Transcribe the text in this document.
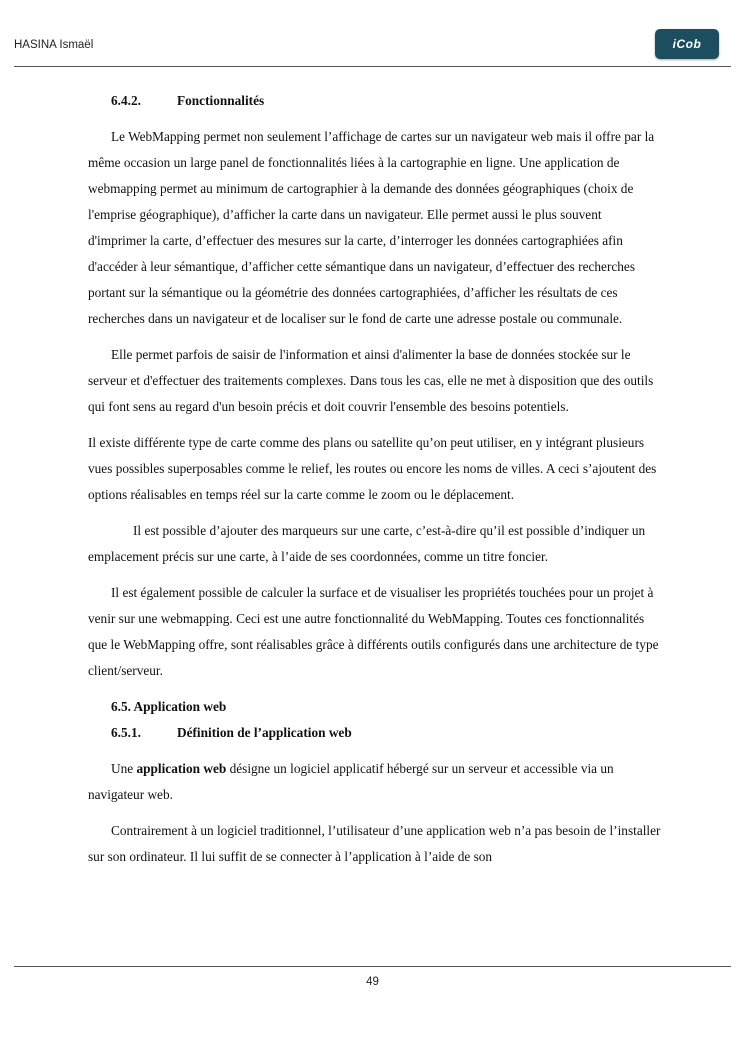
HASINA Ismaël	iCob

6.4.2.	Fonctionnalités

Le WebMapping permet non seulement l’affichage de cartes sur un navigateur web mais il offre par la même occasion un large panel de fonctionnalités liées à la cartographie en ligne. Une application de webmapping permet au minimum de cartographier à la demande des données géographiques (choix de l'emprise géographique), d’afficher la carte dans un navigateur. Elle permet aussi le plus souvent d'imprimer la carte, d’effectuer des mesures sur la carte, d’interroger les données cartographiées afin d'accéder à leur sémantique, d’afficher cette sémantique dans un navigateur, d’effectuer des recherches portant sur la sémantique ou la géométrie des données cartographiées, d’afficher les résultats de ces recherches dans un navigateur et de localiser sur le fond de carte une adresse postale ou communale.

Elle permet parfois de saisir de l'information et ainsi d'alimenter la base de données stockée sur le serveur et d'effectuer des traitements complexes. Dans tous les cas, elle ne met à disposition que des outils qui font sens au regard d'un besoin précis et doit couvrir l'ensemble des besoins potentiels.

Il existe différente type de carte comme des plans ou satellite qu’on peut utiliser, en y intégrant plusieurs vues possibles superposables comme le relief, les routes ou encore les noms de villes. A ceci s’ajoutent des options réalisables en temps réel sur la carte comme le zoom ou le déplacement.

Il est possible d’ajouter des marqueurs sur une carte, c’est-à-dire qu’il est possible d’indiquer un emplacement précis sur une carte, à l’aide de ses coordonnées, comme un titre foncier.

Il est également possible de calculer la surface et de visualiser les propriétés touchées pour un projet à venir sur une webmapping. Ceci est une autre fonctionnalité du WebMapping. Toutes ces fonctionnalités que le WebMapping offre, sont réalisables grâce à différents outils configurés dans une architecture de type client/serveur.

6.5. Application web

6.5.1.	Définition de l’application web

Une application web désigne un logiciel applicatif hébergé sur un serveur et accessible via un navigateur web.

Contrairement à un logiciel traditionnel, l’utilisateur d’une application web n’a pas besoin de l’installer sur son ordinateur. Il lui suffit de se connecter à l’application à l’aide de son

49
